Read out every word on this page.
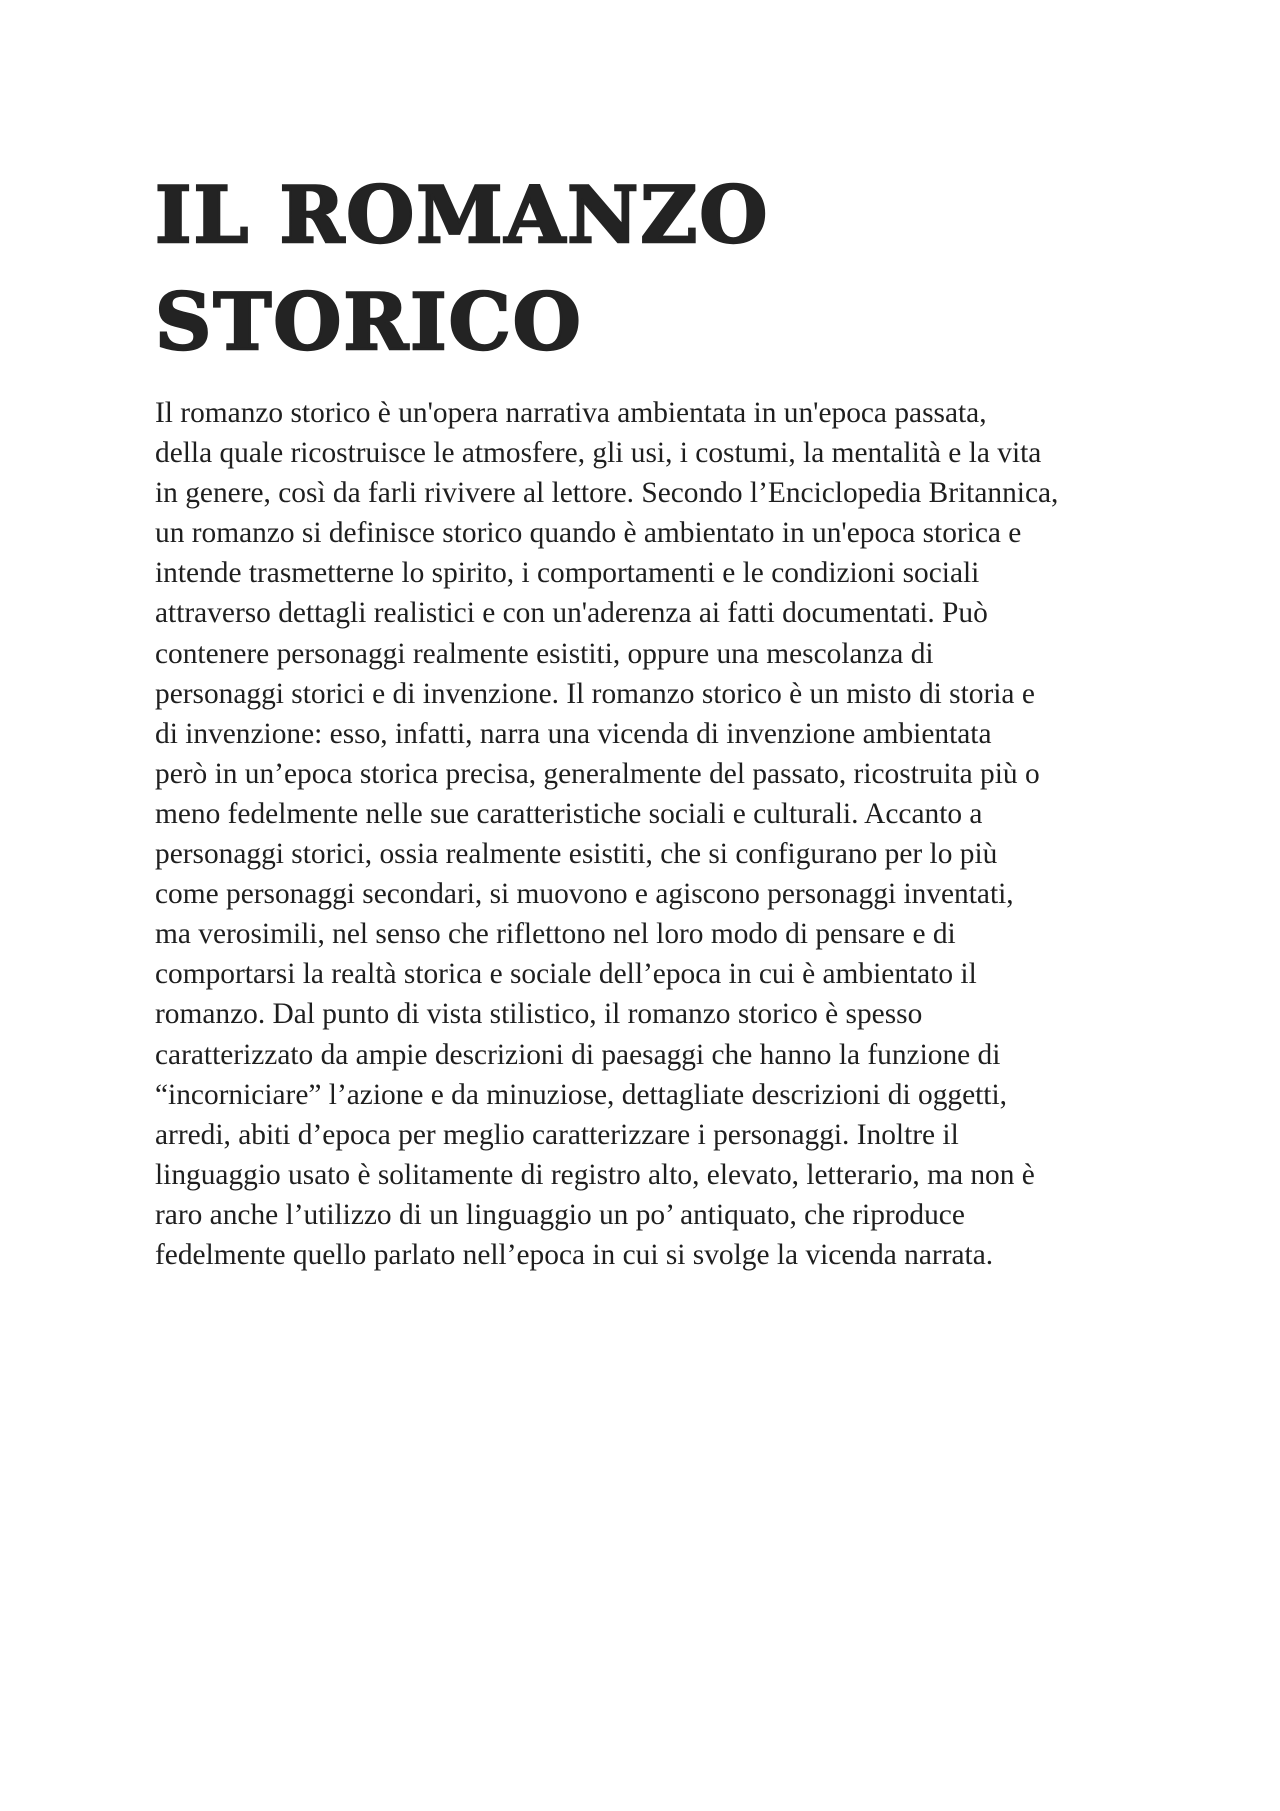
IL ROMANZO
STORICO
Il romanzo storico è un'opera narrativa ambientata in un'epoca passata,
della quale ricostruisce le atmosfere, gli usi, i costumi, la mentalità e la vita
in genere, così da farli rivivere al lettore. Secondo l’Enciclopedia Britannica,
un romanzo si definisce storico quando è ambientato in un'epoca storica e
intende trasmetterne lo spirito, i comportamenti e le condizioni sociali
attraverso dettagli realistici e con un'aderenza ai fatti documentati. Può
contenere personaggi realmente esistiti, oppure una mescolanza di
personaggi storici e di invenzione. Il romanzo storico è un misto di storia e
di invenzione: esso, infatti, narra una vicenda di invenzione ambientata
però in un’epoca storica precisa, generalmente del passato, ricostruita più o
meno fedelmente nelle sue caratteristiche sociali e culturali. Accanto a
personaggi storici, ossia realmente esistiti, che si configurano per lo più
come personaggi secondari, si muovono e agiscono personaggi inventati,
ma verosimili, nel senso che riflettono nel loro modo di pensare e di
comportarsi la realtà storica e sociale dell’epoca in cui è ambientato il
romanzo. Dal punto di vista stilistico, il romanzo storico è spesso
caratterizzato da ampie descrizioni di paesaggi che hanno la funzione di
“incorniciare” l’azione e da minuziose, dettagliate descrizioni di oggetti,
arredi, abiti d’epoca per meglio caratterizzare i personaggi. Inoltre il
linguaggio usato è solitamente di registro alto, elevato, letterario, ma non è
raro anche l’utilizzo di un linguaggio un po’ antiquato, che riproduce
fedelmente quello parlato nell’epoca in cui si svolge la vicenda narrata.
